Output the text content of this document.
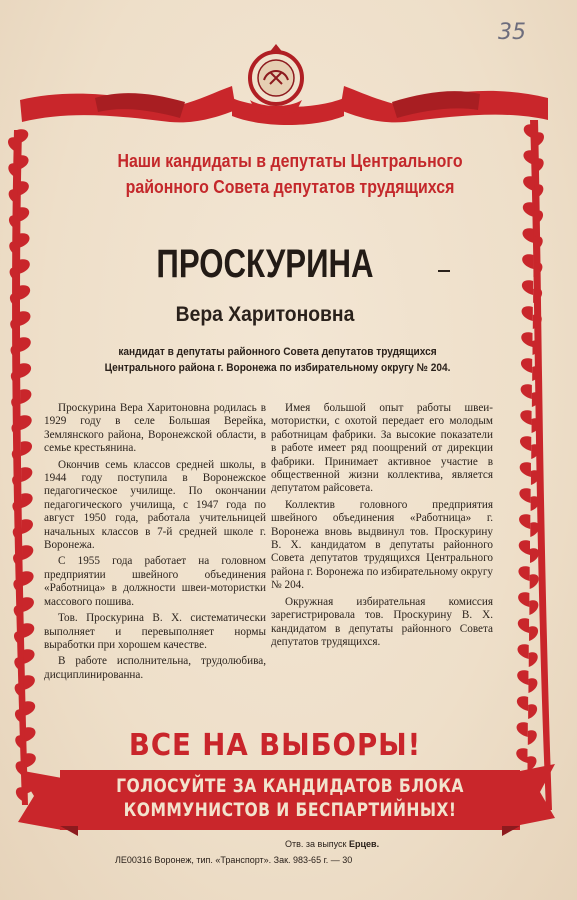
35
Наши кандидаты в депутаты Центрального
районного Совета депутатов трудящихся
ПРОСКУРИНА
Вера Харитоновна
кандидат в депутаты районного Совета депутатов трудящихся
Центрального района г. Воронежа по избирательному округу № 204.

Проскурина Вера Харитоновна родилась в 1929 году в селе Большая Верейка, Землянского района, Воронежской области, в семье крестьянина.

Окончив семь классов средней школы, в 1944 году поступила в Воронежское педагогическое училище. По окончании педагогического училища, с 1947 года по август 1950 года, работала учительницей начальных классов в 7-й средней школе г. Воронежа.

С 1955 года работает на головном предприятии швейного объединения «Работница» в должности швеи-мотористки массового пошива.

Тов. Проскурина В. Х. систематически выполняет и перевыполняет нормы выработки при хорошем качестве.

В работе исполнительна, трудолюбива, дисциплинированна.

Имея большой опыт работы швеи-мотористки, с охотой передает его молодым работницам фабрики. За высокие показатели в работе имеет ряд поощрений от дирекции фабрики. Принимает активное участие в общественной жизни коллектива, является депутатом райсовета.

Коллектив головного предприятия швейного объединения «Работница» г. Воронежа вновь выдвинул тов. Проскурину В. Х. кандидатом в депутаты районного Совета депутатов трудящихся Центрального района г. Воронежа по избирательному округу № 204.

Окружная избирательная комиссия зарегистрировала тов. Проскурину В. Х. кандидатом в депутаты районного Совета депутатов трудящихся.

ВСЕ НА ВЫБОРЫ!
ГОЛОСУЙТЕ ЗА КАНДИДАТОВ БЛОКА
КОММУНИСТОВ И БЕСПАРТИЙНЫХ!
Отв. за выпуск Ерцев.
ЛЕ00316 Воронеж, тип. «Транспорт». Зак. 983-65 г. — 30
